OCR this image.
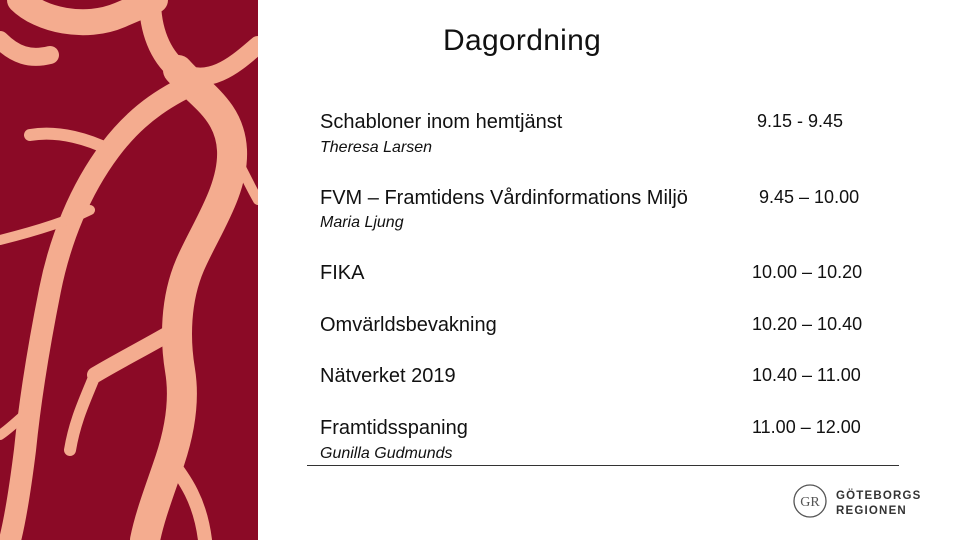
Dagordning
Schabloner inom hemtjänst	9.15 - 9.45
Theresa Larsen
FVM – Framtidens Vårdinformations Miljö	9.45 – 10.00
Maria Ljung
FIKA	10.00 – 10.20
Omvärldsbevakning	10.20 – 10.40
Nätverket 2019	10.40 – 11.00
Framtidsspaning	11.00 – 12.00
Gunilla Gudmunds
GR GÖTEBORGS
REGIONEN
